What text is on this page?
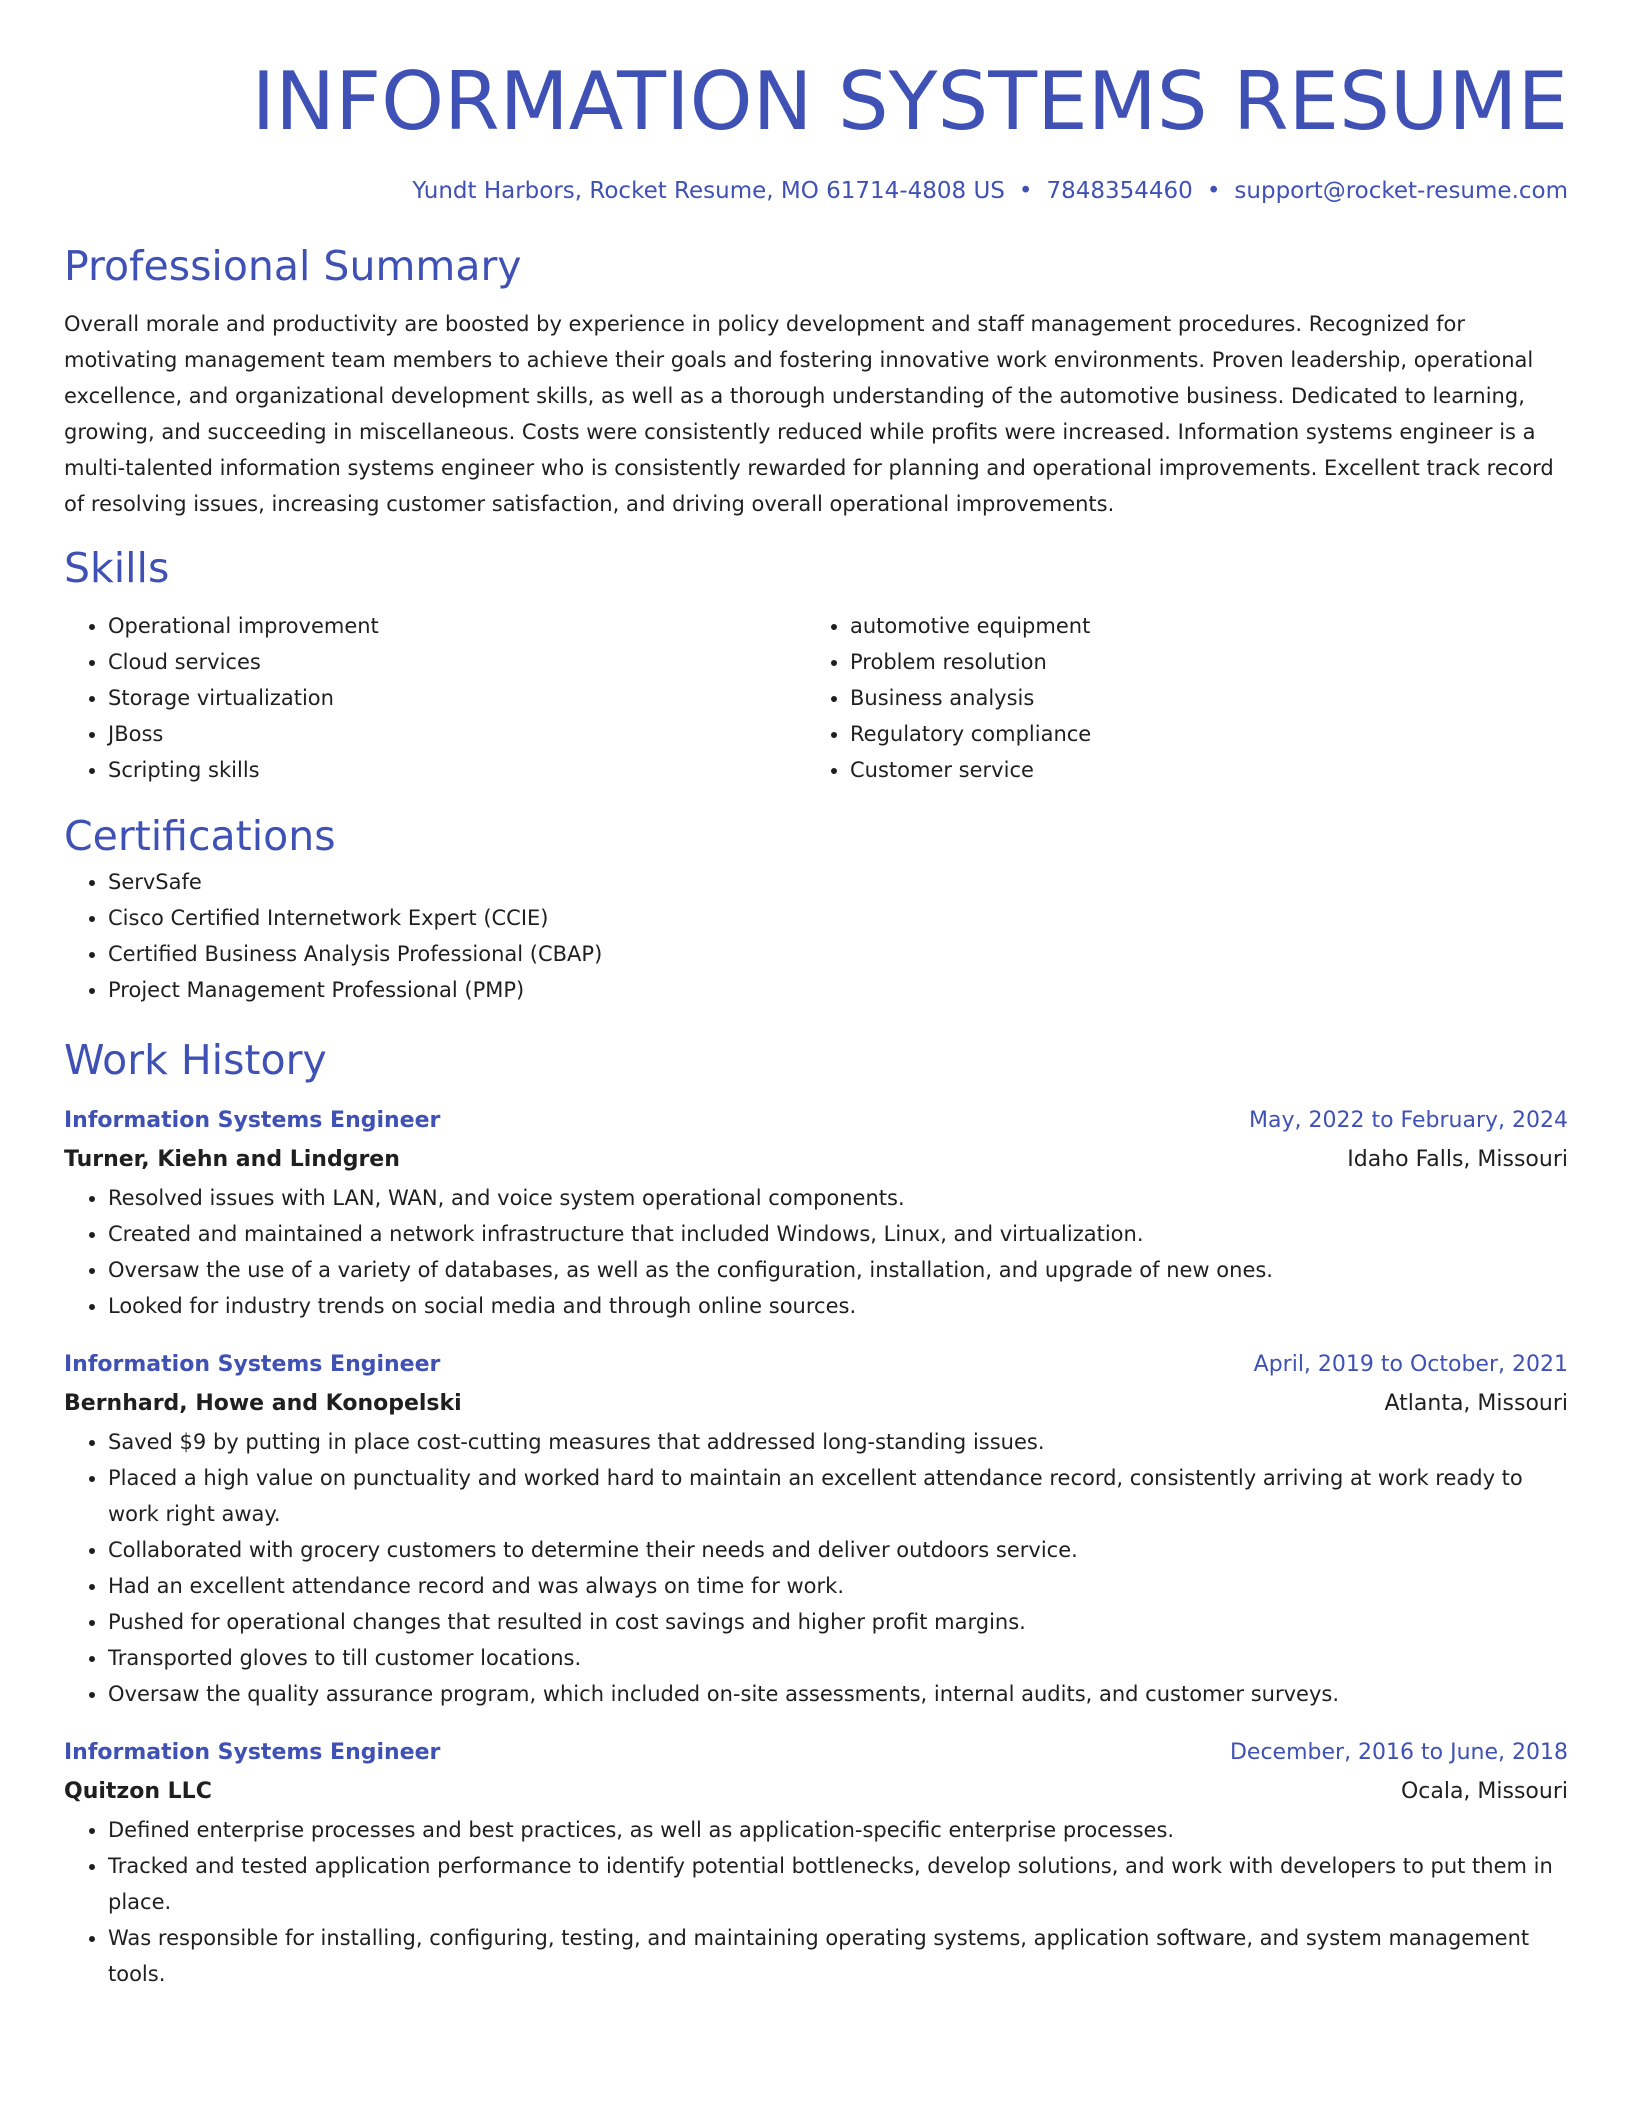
INFORMATION SYSTEMS RESUME
Yundt Harbors, Rocket Resume, MO 61714-4808 US • 7848354460 • support@rocket-resume.com
Professional Summary

Overall morale and productivity are boosted by experience in policy development and staff management procedures. Recognized for motivating management team members to achieve their goals and fostering innovative work environments. Proven leadership, operational excellence, and organizational development skills, as well as a thorough understanding of the automotive business. Dedicated to learning, growing, and succeeding in miscellaneous. Costs were consistently reduced while profits were increased. Information systems engineer is a multi-talented information systems engineer who is consistently rewarded for planning and operational improvements. Excellent track record of resolving issues, increasing customer satisfaction, and driving overall operational improvements.

Skills
• Operational improvement
• Cloud services
• Storage virtualization
• JBoss
• Scripting skills
• automotive equipment
• Problem resolution
• Business analysis
• Regulatory compliance
• Customer service
Certifications
• ServSafe
• Cisco Certified Internetwork Expert (CCIE)
• Certified Business Analysis Professional (CBAP)
• Project Management Professional (PMP)
Work History
Information Systems Engineer	May, 2022 to February, 2024
Turner, Kiehn and Lindgren	Idaho Falls, Missouri
• Resolved issues with LAN, WAN, and voice system operational components.
• Created and maintained a network infrastructure that included Windows, Linux, and virtualization.
• Oversaw the use of a variety of databases, as well as the configuration, installation, and upgrade of new ones.
• Looked for industry trends on social media and through online sources.
Information Systems Engineer	April, 2019 to October, 2021
Bernhard, Howe and Konopelski	Atlanta, Missouri
• Saved $9 by putting in place cost-cutting measures that addressed long-standing issues.
• Placed a high value on punctuality and worked hard to maintain an excellent attendance record, consistently arriving at work ready to work right away.
• Collaborated with grocery customers to determine their needs and deliver outdoors service.
• Had an excellent attendance record and was always on time for work.
• Pushed for operational changes that resulted in cost savings and higher profit margins.
• Transported gloves to till customer locations.
• Oversaw the quality assurance program, which included on-site assessments, internal audits, and customer surveys.
Information Systems Engineer	December, 2016 to June, 2018
Quitzon LLC	Ocala, Missouri
• Defined enterprise processes and best practices, as well as application-specific enterprise processes.
• Tracked and tested application performance to identify potential bottlenecks, develop solutions, and work with developers to put them in place.
• Was responsible for installing, configuring, testing, and maintaining operating systems, application software, and system management tools.
